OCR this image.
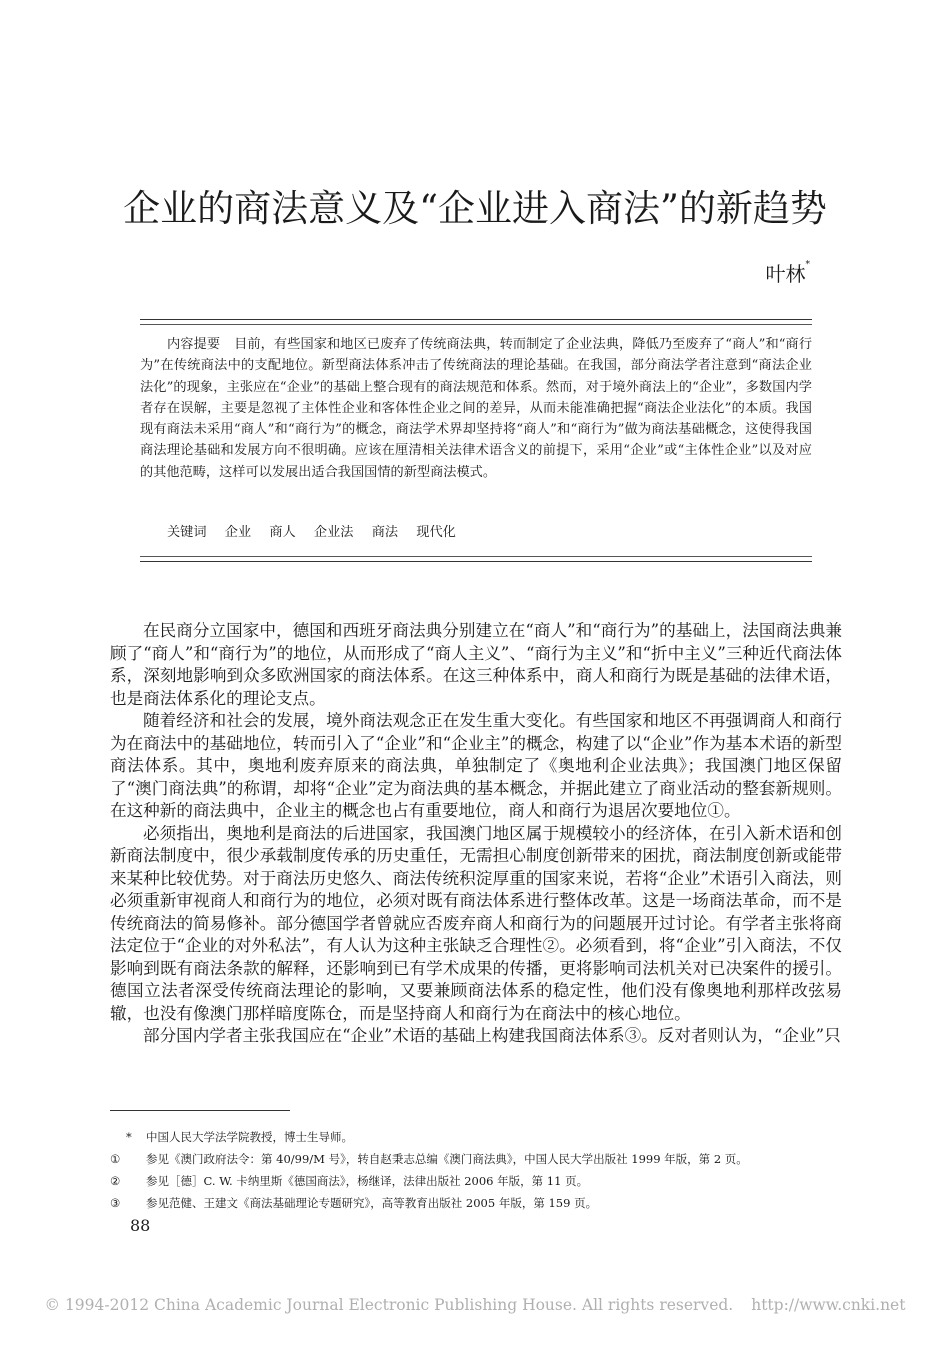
企业的商法意义及“企业进入商法”的新趋势
叶林*

内容提要 目前，有些国家和地区已废弃了传统商法典，转而制定了企业法典，降低乃至废弃了“商人”和“商行为”在传统商法中的支配地位。新型商法体系冲击了传统商法的理论基础。在我国，部分商法学者注意到“商法企业法化”的现象，主张应在“企业”的基础上整合现有的商法规范和体系。然而，对于境外商法上的“企业”，多数国内学者存在误解，主要是忽视了主体性企业和客体性企业之间的差异，从而未能准确把握“商法企业法化”的本质。我国现有商法未采用“商人”和“商行为”的概念，商法学术界却坚持将“商人”和“商行为”做为商法基础概念，这使得我国商法理论基础和发展方向不很明确。应该在厘清相关法律术语含义的前提下，采用“企业”或“主体性企业”以及对应的其他范畴，这样可以发展出适合我国国情的新型商法模式。

关键词 企业 商人 企业法 商法 现代化

在民商分立国家中，德国和西班牙商法典分别建立在“商人”和“商行为”的基础上，法国商法典兼顾了“商人”和“商行为”的地位，从而形成了“商人主义”、“商行为主义”和“折中主义”三种近代商法体系，深刻地影响到众多欧洲国家的商法体系。在这三种体系中，商人和商行为既是基础的法律术语，也是商法体系化的理论支点。

随着经济和社会的发展，境外商法观念正在发生重大变化。有些国家和地区不再强调商人和商行为在商法中的基础地位，转而引入了“企业”和“企业主”的概念，构建了以“企业”作为基本术语的新型商法体系。其中，奥地利废弃原来的商法典，单独制定了《奥地利企业法典》；我国澳门地区保留了“澳门商法典”的称谓，却将“企业”定为商法典的基本概念，并据此建立了商业活动的整套新规则。在这种新的商法典中，企业主的概念也占有重要地位，商人和商行为退居次要地位①。

必须指出，奥地利是商法的后进国家，我国澳门地区属于规模较小的经济体，在引入新术语和创新商法制度中，很少承载制度传承的历史重任，无需担心制度创新带来的困扰，商法制度创新或能带来某种比较优势。对于商法历史悠久、商法传统积淀厚重的国家来说，若将“企业”术语引入商法，则必须重新审视商人和商行为的地位，必须对既有商法体系进行整体改革。这是一场商法革命，而不是传统商法的简易修补。部分德国学者曾就应否废弃商人和商行为的问题展开过讨论。有学者主张将商法定位于“企业的对外私法”，有人认为这种主张缺乏合理性②。必须看到，将“企业”引入商法，不仅影响到既有商法条款的解释，还影响到已有学术成果的传播，更将影响司法机关对已决案件的援引。德国立法者深受传统商法理论的影响，又要兼顾商法体系的稳定性，他们没有像奥地利那样改弦易辙，也没有像澳门那样暗度陈仓，而是坚持商人和商行为在商法中的核心地位。

部分国内学者主张我国应在“企业”术语的基础上构建我国商法体系③。反对者则认为，“企业”只

*	中国人民大学法学院教授，博士生导师。
①	参见《澳门政府法令：第 40/99/M 号》，转自赵秉志总编《澳门商法典》，中国人民大学出版社 1999 年版，第 2 页。
②	参见［德］C. W. 卡纳里斯《德国商法》，杨继译，法律出版社 2006 年版，第 11 页。
③	参见范健、王建文《商法基础理论专题研究》，高等教育出版社 2005 年版，第 159 页。
88
© 1994-2012 China Academic Journal Electronic Publishing House. All rights reserved. http://www.cnki.net
